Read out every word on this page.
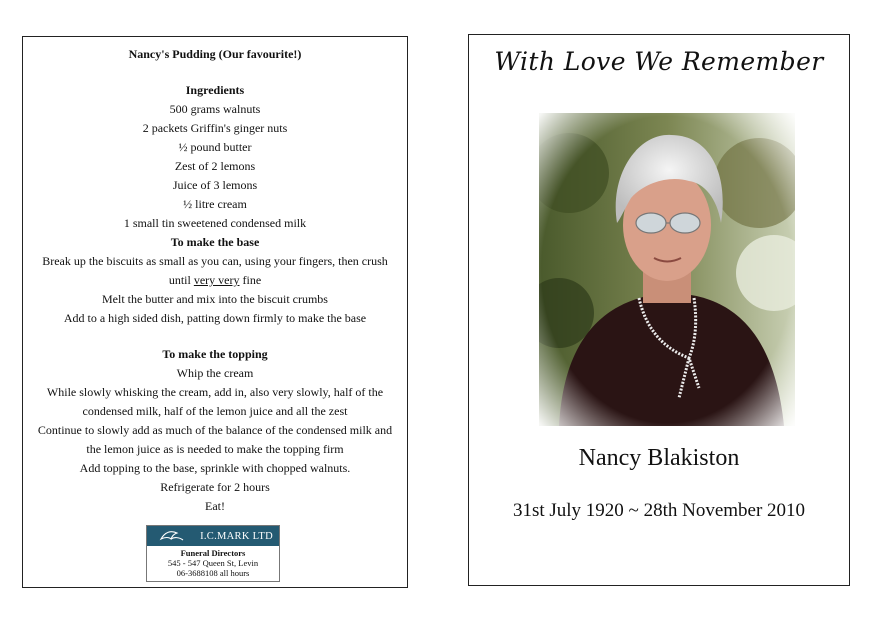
Nancy's Pudding (Our favourite!)
Ingredients
500 grams walnuts
2 packets Griffin's ginger nuts
½ pound butter
Zest of 2 lemons
Juice of 3 lemons
½ litre cream
1 small tin sweetened condensed milk
To make the base
Break up the biscuits as small as you can, using your fingers, then crush
until very very fine
Melt the butter and mix into the biscuit crumbs
Add to a high sided dish, patting down firmly to make the base
To make the topping
Whip the cream
While slowly whisking the cream, add in, also very slowly, half of the
condensed milk, half of the lemon juice and all the zest
Continue to slowly add as much of the balance of the condensed milk and
the lemon juice as is needed to make the topping firm
Add topping to the base, sprinkle with chopped walnuts.
Refrigerate for 2 hours
Eat!
I.C.MARK LTD
Funeral Directors
545 - 547 Queen St, Levin
06-3688108 all hours
With Love We Remember
Nancy Blakiston
31st July 1920 ~ 28th November 2010
